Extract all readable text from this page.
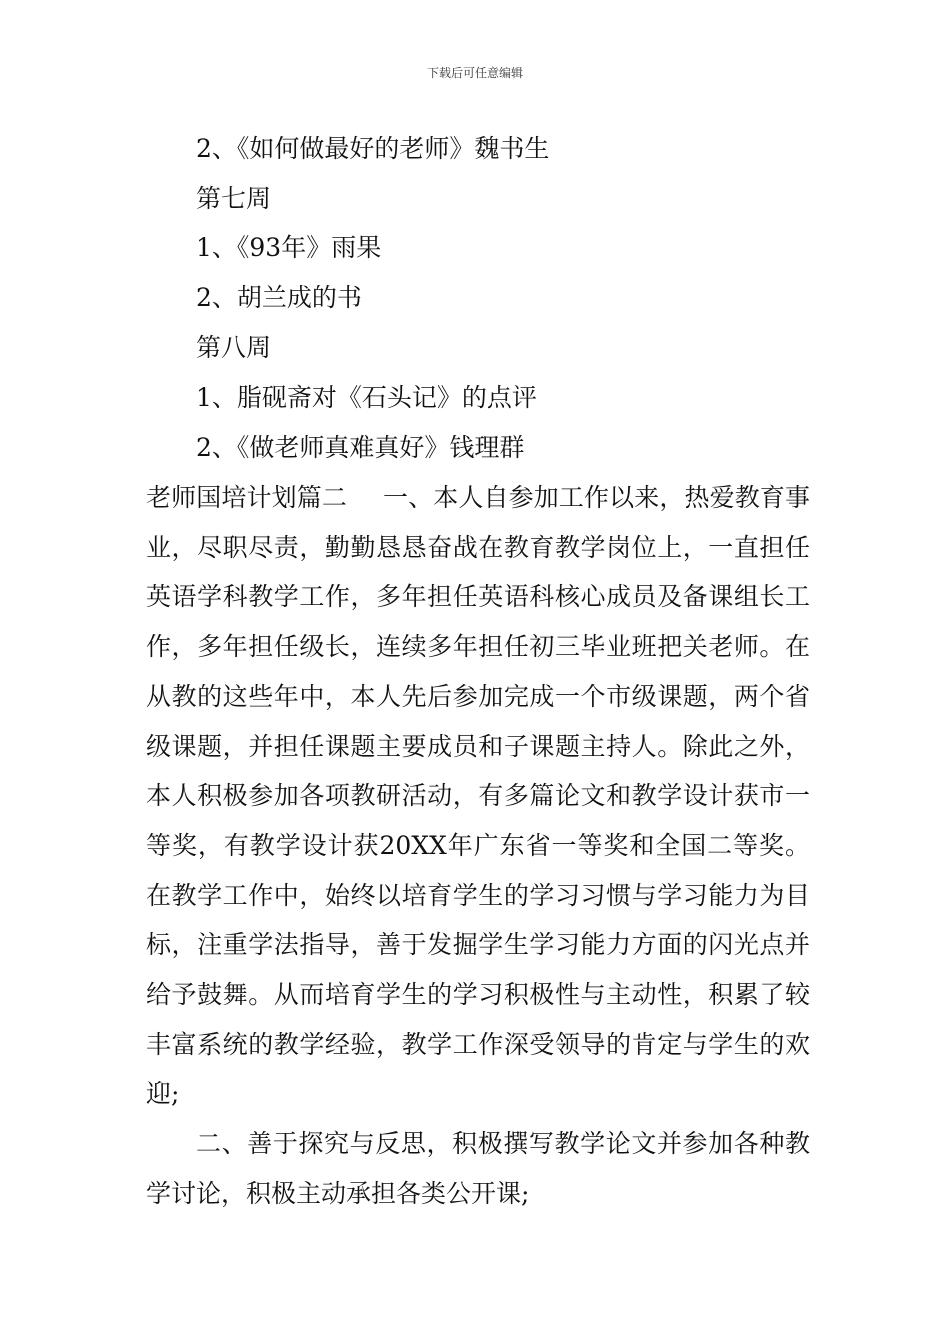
下载后可任意编辑
2、《如何做最好的老师》魏书生
第七周
1、《93年》雨果
2、胡兰成的书
第八周
1、脂砚斋对《石头记》的点评
2、《做老师真难真好》钱理群

老师国培计划篇二 一、本人自参加工作以来，热爱教育事业，尽职尽责，勤勤恳恳奋战在教育教学岗位上，一直担任英语学科教学工作，多年担任英语科核心成员及备课组长工作，多年担任级长，连续多年担任初三毕业班把关老师。在从教的这些年中，本人先后参加完成一个市级课题，两个省级课题，并担任课题主要成员和子课题主持人。除此之外，本人积极参加各项教研活动，有多篇论文和教学设计获市一等奖，有教学设计获20XX年广东省一等奖和全国二等奖。在教学工作中，始终以培育学生的学习习惯与学习能力为目标，注重学法指导，善于发掘学生学习能力方面的闪光点并给予鼓舞。从而培育学生的学习积极性与主动性，积累了较丰富系统的教学经验，教学工作深受领导的肯定与学生的欢迎;

二、善于探究与反思，积极撰写教学论文并参加各种教学讨论，积极主动承担各类公开课;
